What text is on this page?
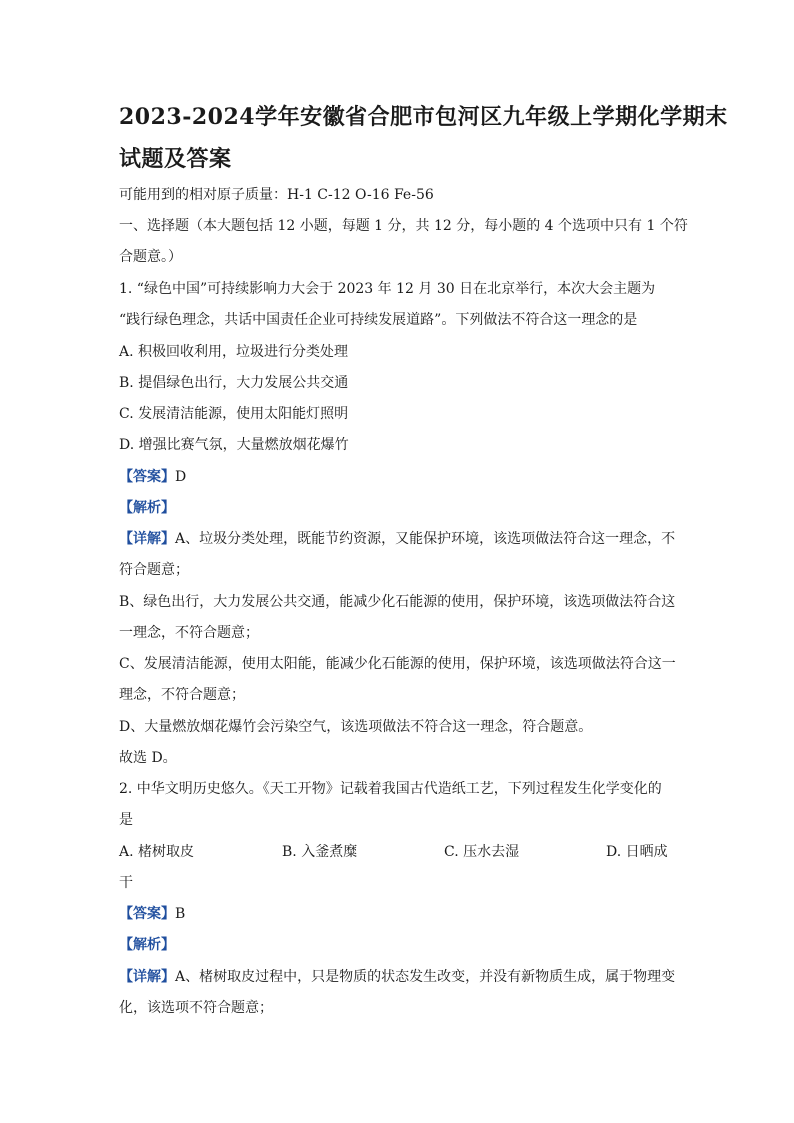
2023-2024学年安徽省合肥市包河区九年级上学期化学期末
试题及答案
可能用到的相对原子质量：H-1 C-12 O-16 Fe-56
一、选择题（本大题包括 12 小题，每题 1 分，共 12 分，每小题的 4 个选项中只有 1 个符
合题意。）
1. “绿色中国”可持续影响力大会于 2023 年 12 月 30 日在北京举行，本次大会主题为
“践行绿色理念，共话中国责任企业可持续发展道路”。下列做法不符合这一理念的是
A. 积极回收利用，垃圾进行分类处理
B. 提倡绿色出行，大力发展公共交通
C. 发展清洁能源，使用太阳能灯照明
D. 增强比赛气氛，大量燃放烟花爆竹
【答案】D
【解析】
【详解】A、垃圾分类处理，既能节约资源，又能保护环境，该选项做法符合这一理念，不
符合题意；
B、绿色出行，大力发展公共交通，能减少化石能源的使用，保护环境，该选项做法符合这
一理念，不符合题意；
C、发展清洁能源，使用太阳能，能减少化石能源的使用，保护环境，该选项做法符合这一
理念，不符合题意；
D、大量燃放烟花爆竹会污染空气，该选项做法不符合这一理念，符合题意。
故选 D。
2. 中华文明历史悠久。《天工开物》记载着我国古代造纸工艺，下列过程发生化学变化的
是
A. 楮树取皮	B. 入釜煮糜	C. 压水去湿	D. 日晒成
干
【答案】B
【解析】
【详解】A、楮树取皮过程中，只是物质的状态发生改变，并没有新物质生成，属于物理变
化，该选项不符合题意；
